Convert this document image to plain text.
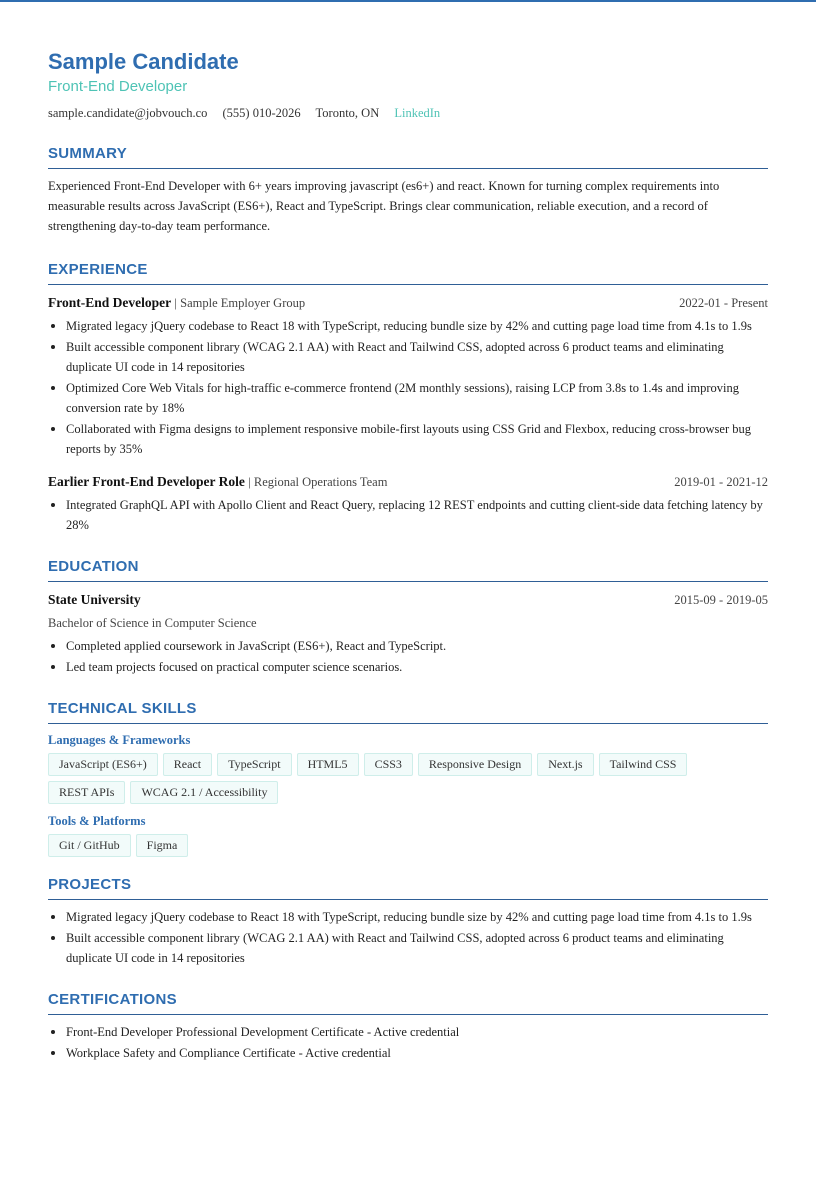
Sample Candidate
Front-End Developer
sample.candidate@jobvouch.co (555) 010-2026 Toronto, ON LinkedIn
SUMMARY

Experienced Front-End Developer with 6+ years improving javascript (es6+) and react. Known for turning complex requirements into measurable results across JavaScript (ES6+), React and TypeScript. Brings clear communication, reliable execution, and a record of strengthening day-to-day team performance.

EXPERIENCE
Front-End Developer | Sample Employer Group	2022-01 - Present
Migrated legacy jQuery codebase to React 18 with TypeScript, reducing bundle size by 42% and cutting page load time from 4.1s to 1.9s
Built accessible component library (WCAG 2.1 AA) with React and Tailwind CSS, adopted across 6 product teams and eliminating duplicate UI code in 14 repositories
Optimized Core Web Vitals for high-traffic e-commerce frontend (2M monthly sessions), raising LCP from 3.8s to 1.4s and improving conversion rate by 18%
Collaborated with Figma designs to implement responsive mobile-first layouts using CSS Grid and Flexbox, reducing cross-browser bug reports by 35%
Earlier Front-End Developer Role | Regional Operations Team	2019-01 - 2021-12
Integrated GraphQL API with Apollo Client and React Query, replacing 12 REST endpoints and cutting client-side data fetching latency by 28%
EDUCATION
State University	2015-09 - 2019-05
Bachelor of Science in Computer Science
Completed applied coursework in JavaScript (ES6+), React and TypeScript.
Led team projects focused on practical computer science scenarios.
TECHNICAL SKILLS
Languages & Frameworks
JavaScript (ES6+)	React	TypeScript	HTML5	CSS3	Responsive Design	Next.js	Tailwind CSS
REST APIs	WCAG 2.1 / Accessibility
Tools & Platforms
Git / GitHub	Figma
PROJECTS
Migrated legacy jQuery codebase to React 18 with TypeScript, reducing bundle size by 42% and cutting page load time from 4.1s to 1.9s
Built accessible component library (WCAG 2.1 AA) with React and Tailwind CSS, adopted across 6 product teams and eliminating duplicate UI code in 14 repositories
CERTIFICATIONS
Front-End Developer Professional Development Certificate - Active credential
Workplace Safety and Compliance Certificate - Active credential
